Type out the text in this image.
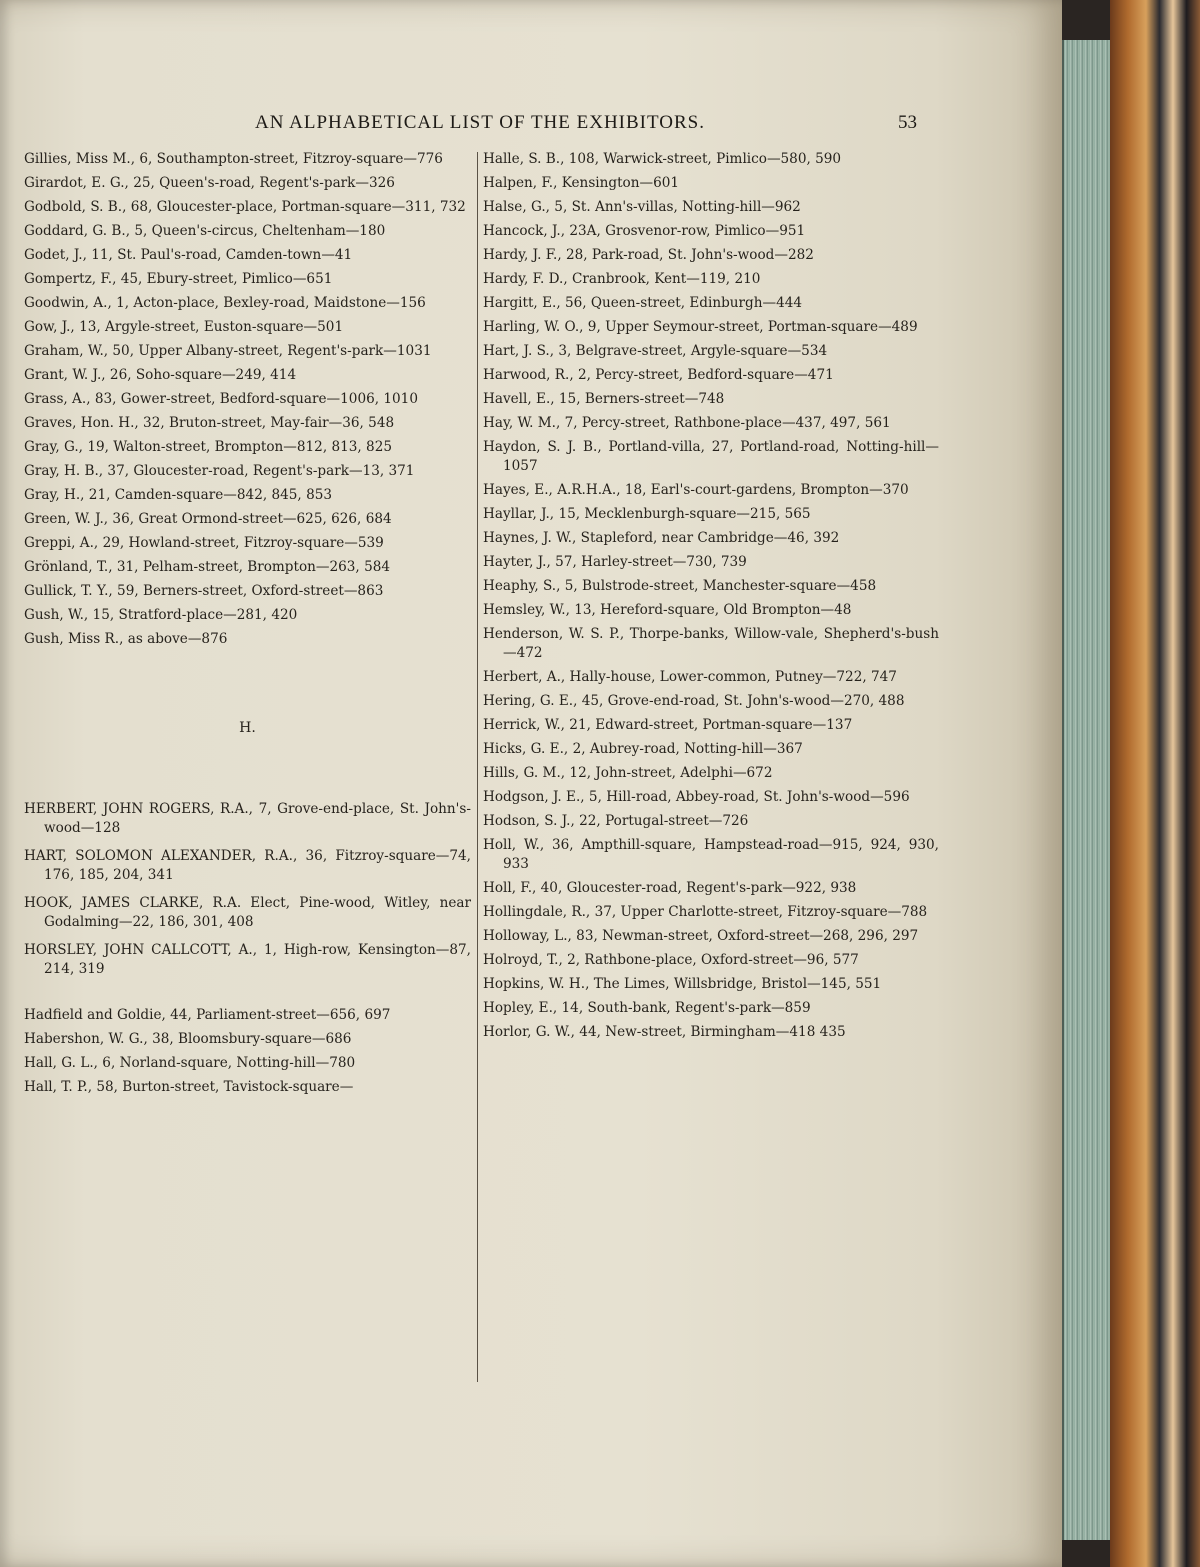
AN ALPHABETICAL LIST OF THE EXHIBITORS.	53

Gillies, Miss M., 6, Southampton-street, Fitzroy-square—776

Girardot, E. G., 25, Queen's-road, Regent's-park—326

Godbold, S. B., 68, Gloucester-place, Portman-square—311, 732

Goddard, G. B., 5, Queen's-circus, Cheltenham—180

Godet, J., 11, St. Paul's-road, Camden-town—41

Gompertz, F., 45, Ebury-street, Pimlico—651

Goodwin, A., 1, Acton-place, Bexley-road, Maidstone—156

Gow, J., 13, Argyle-street, Euston-square—501

Graham, W., 50, Upper Albany-street, Regent's-park—1031

Grant, W. J., 26, Soho-square—249, 414

Grass, A., 83, Gower-street, Bedford-square—1006, 1010

Graves, Hon. H., 32, Bruton-street, May-fair—36, 548

Gray, G., 19, Walton-street, Brompton—812, 813, 825

Gray, H. B., 37, Gloucester-road, Regent's-park—13, 371

Gray, H., 21, Camden-square—842, 845, 853

Green, W. J., 36, Great Ormond-street—625, 626, 684

Greppi, A., 29, Howland-street, Fitzroy-square—539

Grönland, T., 31, Pelham-street, Brompton—263, 584

Gullick, T. Y., 59, Berners-street, Oxford-street—863

Gush, W., 15, Stratford-place—281, 420

Gush, Miss R., as above—876

H.

HERBERT, JOHN ROGERS, R.A., 7, Grove-end-place, St. John's-wood—128

HART, SOLOMON ALEXANDER, R.A., 36, Fitzroy-square—74, 176, 185, 204, 341

HOOK, JAMES CLARKE, R.A. Elect, Pine-wood, Witley, near Godalming—22, 186, 301, 408

HORSLEY, JOHN CALLCOTT, A., 1, High-row, Kensington—87, 214, 319

Hadfield and Goldie, 44, Parliament-street—656, 697

Habershon, W. G., 38, Bloomsbury-square—686

Hall, G. L., 6, Norland-square, Notting-hill—780

Hall, T. P., 58, Burton-street, Tavistock-square—

Halle, S. B., 108, Warwick-street, Pimlico—580, 590

Halpen, F., Kensington—601

Halse, G., 5, St. Ann's-villas, Notting-hill—962

Hancock, J., 23A, Grosvenor-row, Pimlico—951

Hardy, J. F., 28, Park-road, St. John's-wood—282

Hardy, F. D., Cranbrook, Kent—119, 210

Hargitt, E., 56, Queen-street, Edinburgh—444

Harling, W. O., 9, Upper Seymour-street, Portman-square—489

Hart, J. S., 3, Belgrave-street, Argyle-square—534

Harwood, R., 2, Percy-street, Bedford-square—471

Havell, E., 15, Berners-street—748

Hay, W. M., 7, Percy-street, Rathbone-place—437, 497, 561

Haydon, S. J. B., Portland-villa, 27, Portland-road, Notting-hill—1057

Hayes, E., A.R.H.A., 18, Earl's-court-gardens, Brompton—370

Hayllar, J., 15, Mecklenburgh-square—215, 565

Haynes, J. W., Stapleford, near Cambridge—46, 392

Hayter, J., 57, Harley-street—730, 739

Heaphy, S., 5, Bulstrode-street, Manchester-square—458

Hemsley, W., 13, Hereford-square, Old Brompton—48

Henderson, W. S. P., Thorpe-banks, Willow-vale, Shepherd's-bush—472

Herbert, A., Hally-house, Lower-common, Putney—722, 747

Hering, G. E., 45, Grove-end-road, St. John's-wood—270, 488

Herrick, W., 21, Edward-street, Portman-square—137

Hicks, G. E., 2, Aubrey-road, Notting-hill—367

Hills, G. M., 12, John-street, Adelphi—672

Hodgson, J. E., 5, Hill-road, Abbey-road, St. John's-wood—596

Hodson, S. J., 22, Portugal-street—726

Holl, W., 36, Ampthill-square, Hampstead-road—915, 924, 930, 933

Holl, F., 40, Gloucester-road, Regent's-park—922, 938

Hollingdale, R., 37, Upper Charlotte-street, Fitzroy-square—788

Holloway, L., 83, Newman-street, Oxford-street—268, 296, 297

Holroyd, T., 2, Rathbone-place, Oxford-street—96, 577

Hopkins, W. H., The Limes, Willsbridge, Bristol—145, 551

Hopley, E., 14, South-bank, Regent's-park—859

Horlor, G. W., 44, New-street, Birmingham—418 435
